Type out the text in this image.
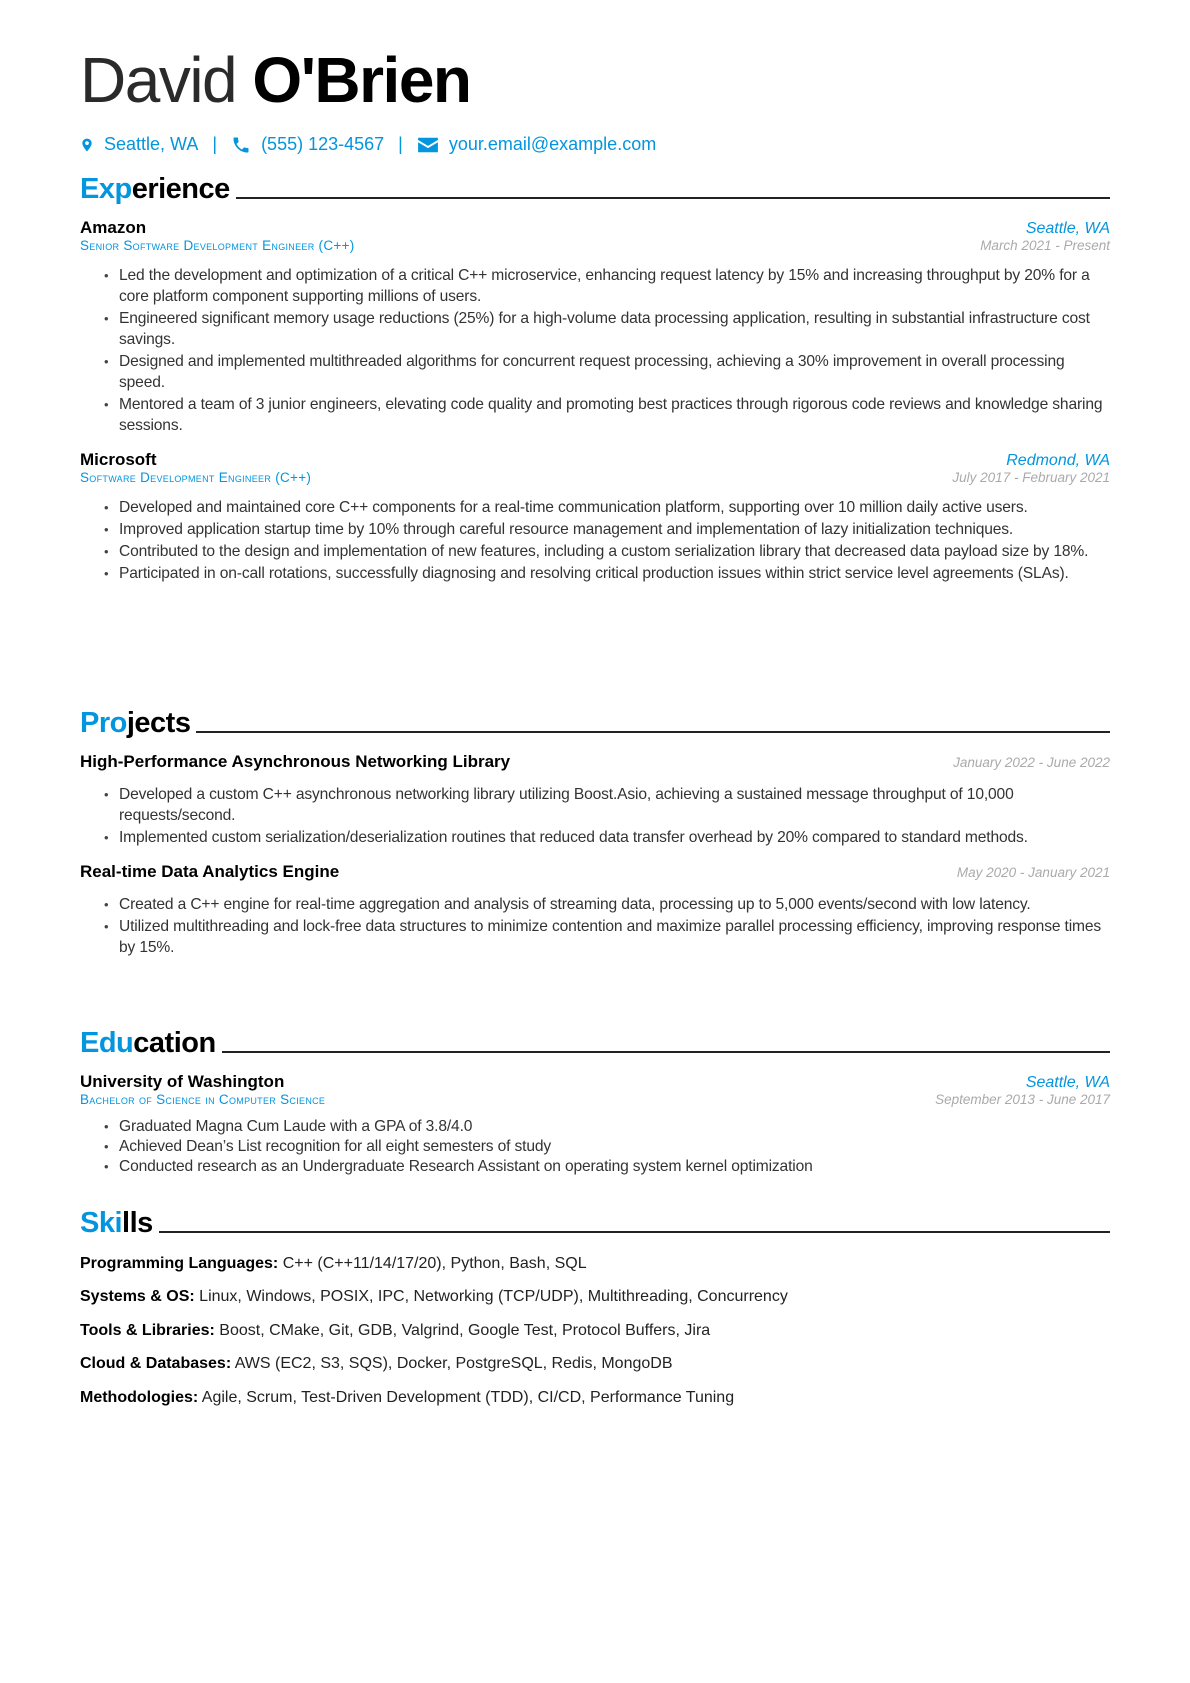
David O'Brien
Seattle, WA | (555) 123-4567 |	your.email@example.com
Experience
Amazon	Seattle, WA
Senior Software Development Engineer (C++)	March 2021 - Present
• Led the development and optimization of a critical C++ microservice, enhancing request latency by 15% and increasing throughput by 20% for a core platform component supporting millions of users.
• Engineered significant memory usage reductions (25%) for a high-volume data processing application, resulting in substantial infrastructure cost savings.
• Designed and implemented multithreaded algorithms for concurrent request processing, achieving a 30% improvement in overall processing speed.
• Mentored a team of 3 junior engineers, elevating code quality and promoting best practices through rigorous code reviews and knowledge sharing sessions.
Microsoft	Redmond, WA
Software Development Engineer (C++)	July 2017 - February 2021
• Developed and maintained core C++ components for a real-time communication platform, supporting over 10 million daily active users.
• Improved application startup time by 10% through careful resource management and implementation of lazy initialization techniques.
• Contributed to the design and implementation of new features, including a custom serialization library that decreased data payload size by 18%.
• Participated in on-call rotations, successfully diagnosing and resolving critical production issues within strict service level agreements (SLAs).
Projects
High-Performance Asynchronous Networking Library	January 2022 - June 2022
• Developed a custom C++ asynchronous networking library utilizing Boost.Asio, achieving a sustained message throughput of 10,000 requests/second.
• Implemented custom serialization/deserialization routines that reduced data transfer overhead by 20% compared to standard methods.
Real-time Data Analytics Engine	May 2020 - January 2021
• Created a C++ engine for real-time aggregation and analysis of streaming data, processing up to 5,000 events/second with low latency.
• Utilized multithreading and lock-free data structures to minimize contention and maximize parallel processing efficiency, improving response times by 15%.
Education
University of Washington	Seattle, WA
Bachelor of Science in Computer Science	September 2013 - June 2017
• Graduated Magna Cum Laude with a GPA of 3.8/4.0
• Achieved Dean’s List recognition for all eight semesters of study
• Conducted research as an Undergraduate Research Assistant on operating system kernel optimization
Skills
Programming Languages: C++ (C++11/14/17/20), Python, Bash, SQL
Systems & OS: Linux, Windows, POSIX, IPC, Networking (TCP/UDP), Multithreading, Concurrency
Tools & Libraries: Boost, CMake, Git, GDB, Valgrind, Google Test, Protocol Buffers, Jira
Cloud & Databases: AWS (EC2, S3, SQS), Docker, PostgreSQL, Redis, MongoDB
Methodologies: Agile, Scrum, Test-Driven Development (TDD), CI/CD, Performance Tuning
